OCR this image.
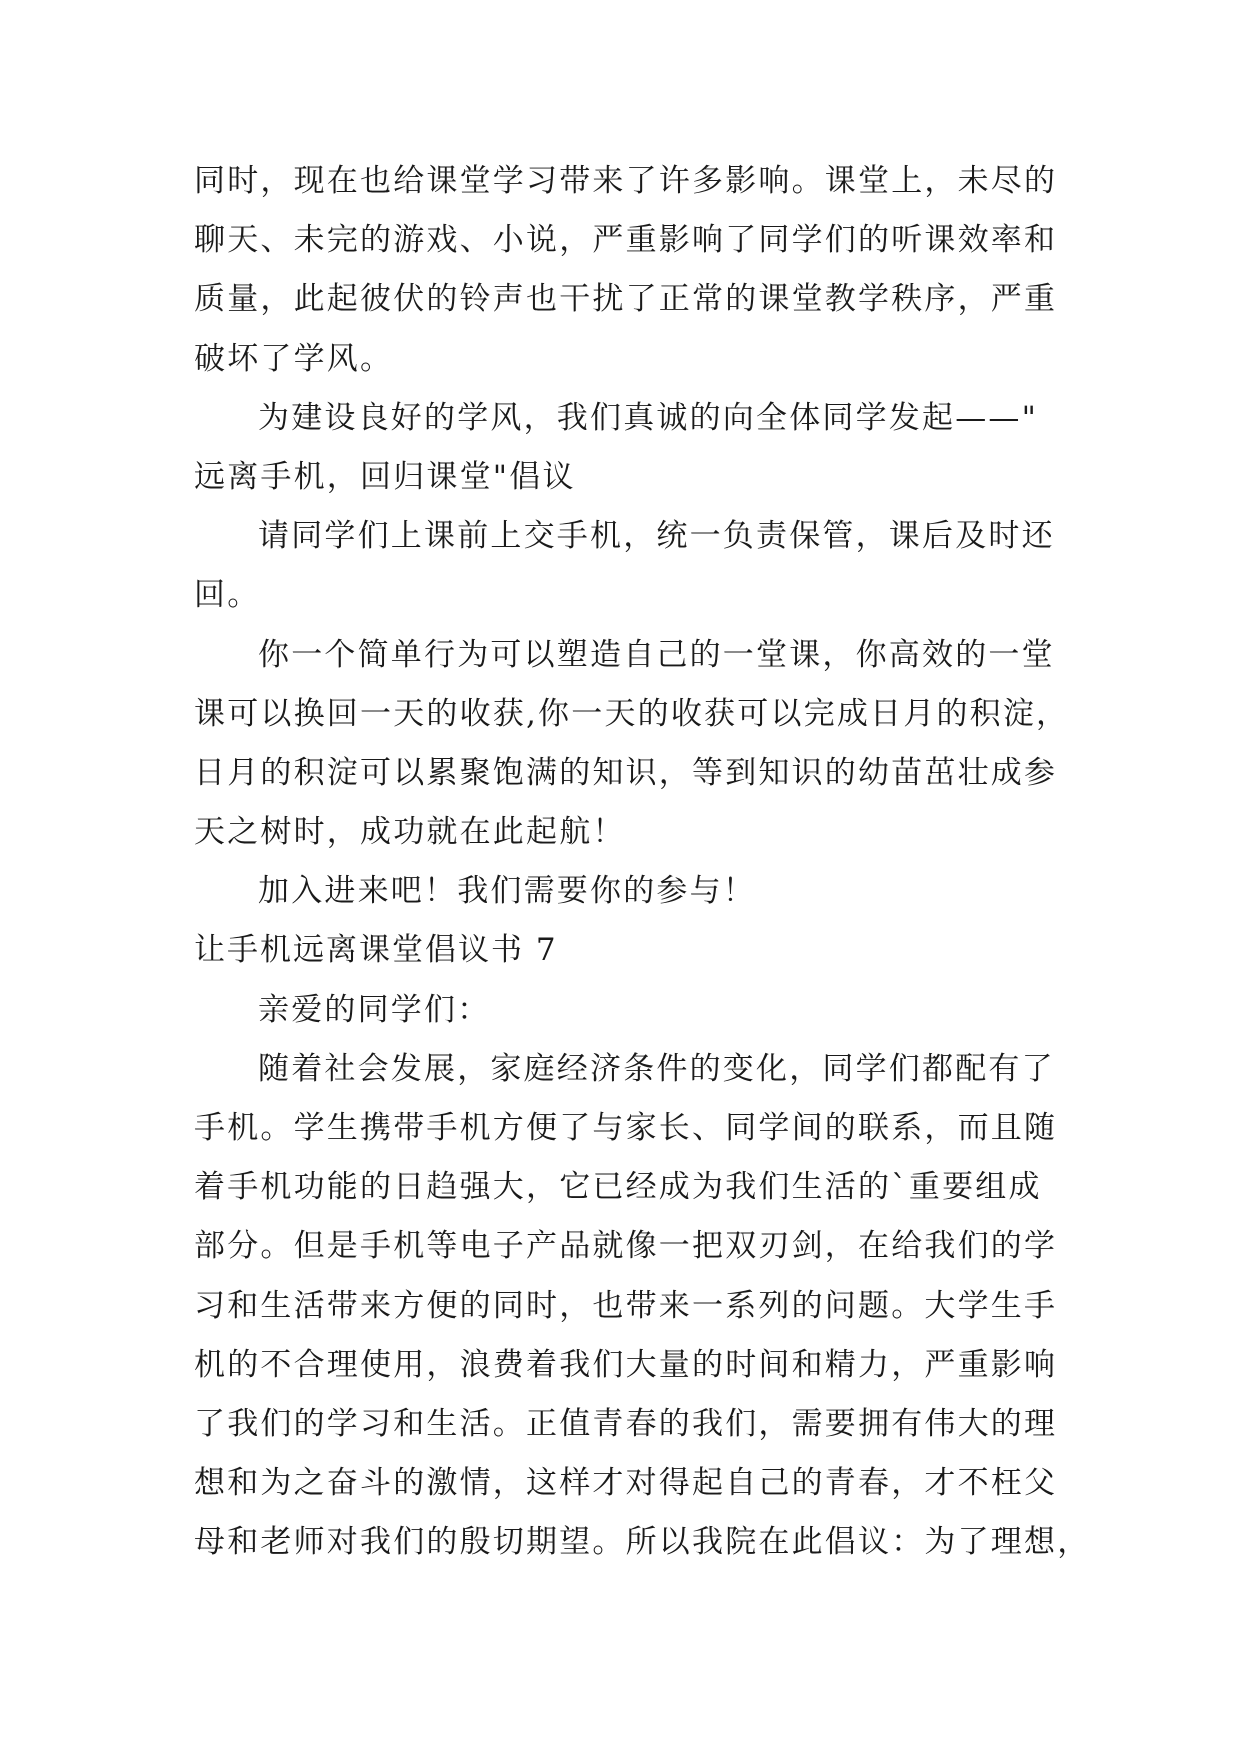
同时，现在也给课堂学习带来了许多影响。课堂上，未尽的
聊天、未完的游戏、小说，严重影响了同学们的听课效率和
质量，此起彼伏的铃声也干扰了正常的课堂教学秩序，严重
破坏了学风。
为建设良好的学风，我们真诚的向全体同学发起——"
远离手机，回归课堂"倡议
请同学们上课前上交手机，统一负责保管，课后及时还
回。
你一个简单行为可以塑造自己的一堂课，你高效的一堂
课可以换回一天的收获,你一天的收获可以完成日月的积淀，
日月的积淀可以累聚饱满的知识，等到知识的幼苗茁壮成参
天之树时，成功就在此起航！
加入进来吧！我们需要你的参与！
让手机远离课堂倡议书 7
亲爱的同学们：
随着社会发展，家庭经济条件的变化，同学们都配有了
手机。学生携带手机方便了与家长、同学间的联系，而且随
着手机功能的日趋强大，它已经成为我们生活的`重要组成
部分。但是手机等电子产品就像一把双刃剑，在给我们的学
习和生活带来方便的同时，也带来一系列的问题。大学生手
机的不合理使用，浪费着我们大量的时间和精力，严重影响
了我们的学习和生活。正值青春的我们，需要拥有伟大的理
想和为之奋斗的激情，这样才对得起自己的青春，才不枉父
母和老师对我们的殷切期望。所以我院在此倡议：为了理想，
